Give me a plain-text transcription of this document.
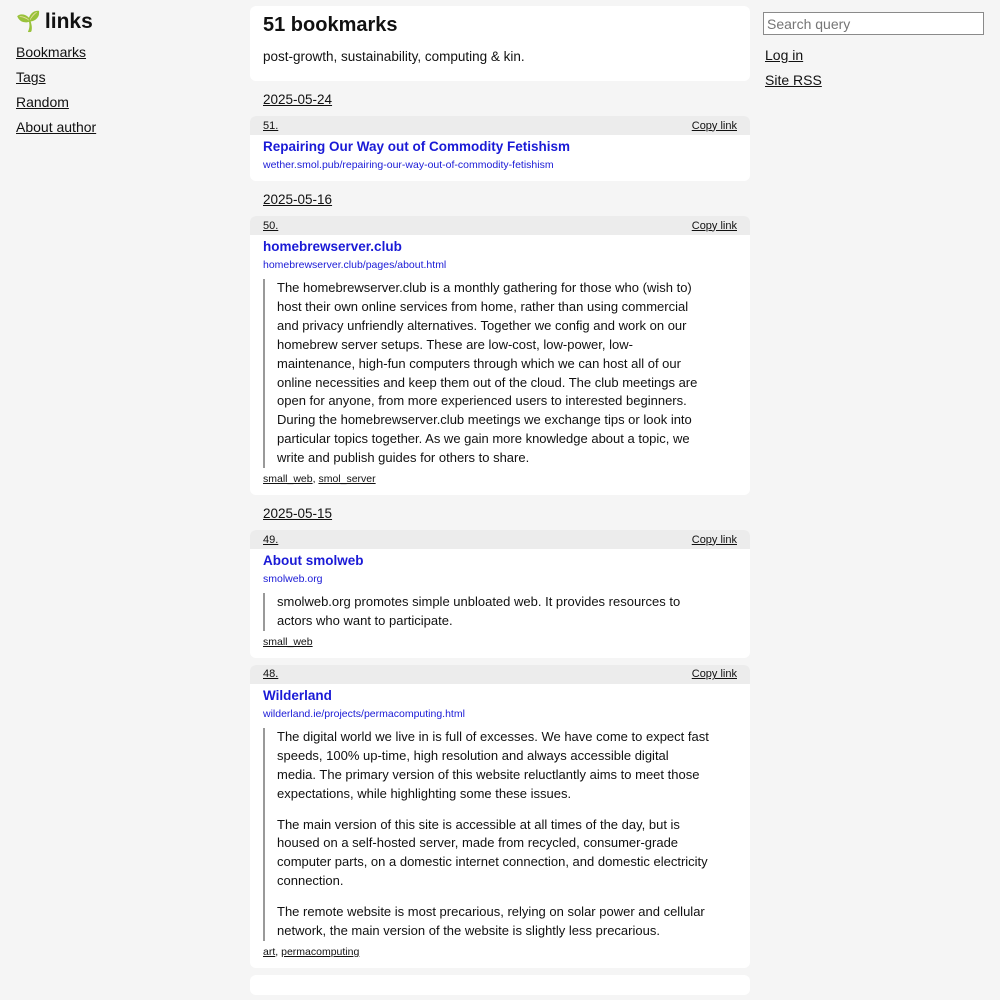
🌱 links
Bookmarks
Tags
Random
About author
Search query
Log in
Site RSS
51 bookmarks

post-growth, sustainability, computing & kin.

2025-05-24
51.	Copy link
Repairing Our Way out of Commodity Fetishism
wether.smol.pub/repairing-our-way-out-of-commodity-fetishism
2025-05-16
50.	Copy link
homebrewserver.club
homebrewserver.club/pages/about.html

The homebrewserver.club is a monthly gathering for those who (wish to) host their own online services from home, rather than using commercial and privacy unfriendly alternatives. Together we config and work on our homebrew server setups. These are low-cost, low-power, low-maintenance, high-fun computers through which we can host all of our online necessities and keep them out of the cloud. The club meetings are open for anyone, from more experienced users to interested beginners. During the homebrewserver.club meetings we exchange tips or look into particular topics together. As we gain more knowledge about a topic, we write and publish guides for others to share.

small_web, smol_server
2025-05-15
49.	Copy link
About smolweb
smolweb.org

smolweb.org promotes simple unbloated web. It provides resources to actors who want to participate.

small_web
48.	Copy link
Wilderland
wilderland.ie/projects/permacomputing.html

The digital world we live in is full of excesses. We have come to expect fast speeds, 100% up-time, high resolution and always accessible digital media. The primary version of this website reluctlantly aims to meet those expectations, while highlighting some these issues.

The main version of this site is accessible at all times of the day, but is housed on a self-hosted server, made from recycled, consumer-grade computer parts, on a domestic internet connection, and domestic electricity connection.

The remote website is most precarious, relying on solar power and cellular network, the main version of the website is slightly less precarious.

art, permacomputing
